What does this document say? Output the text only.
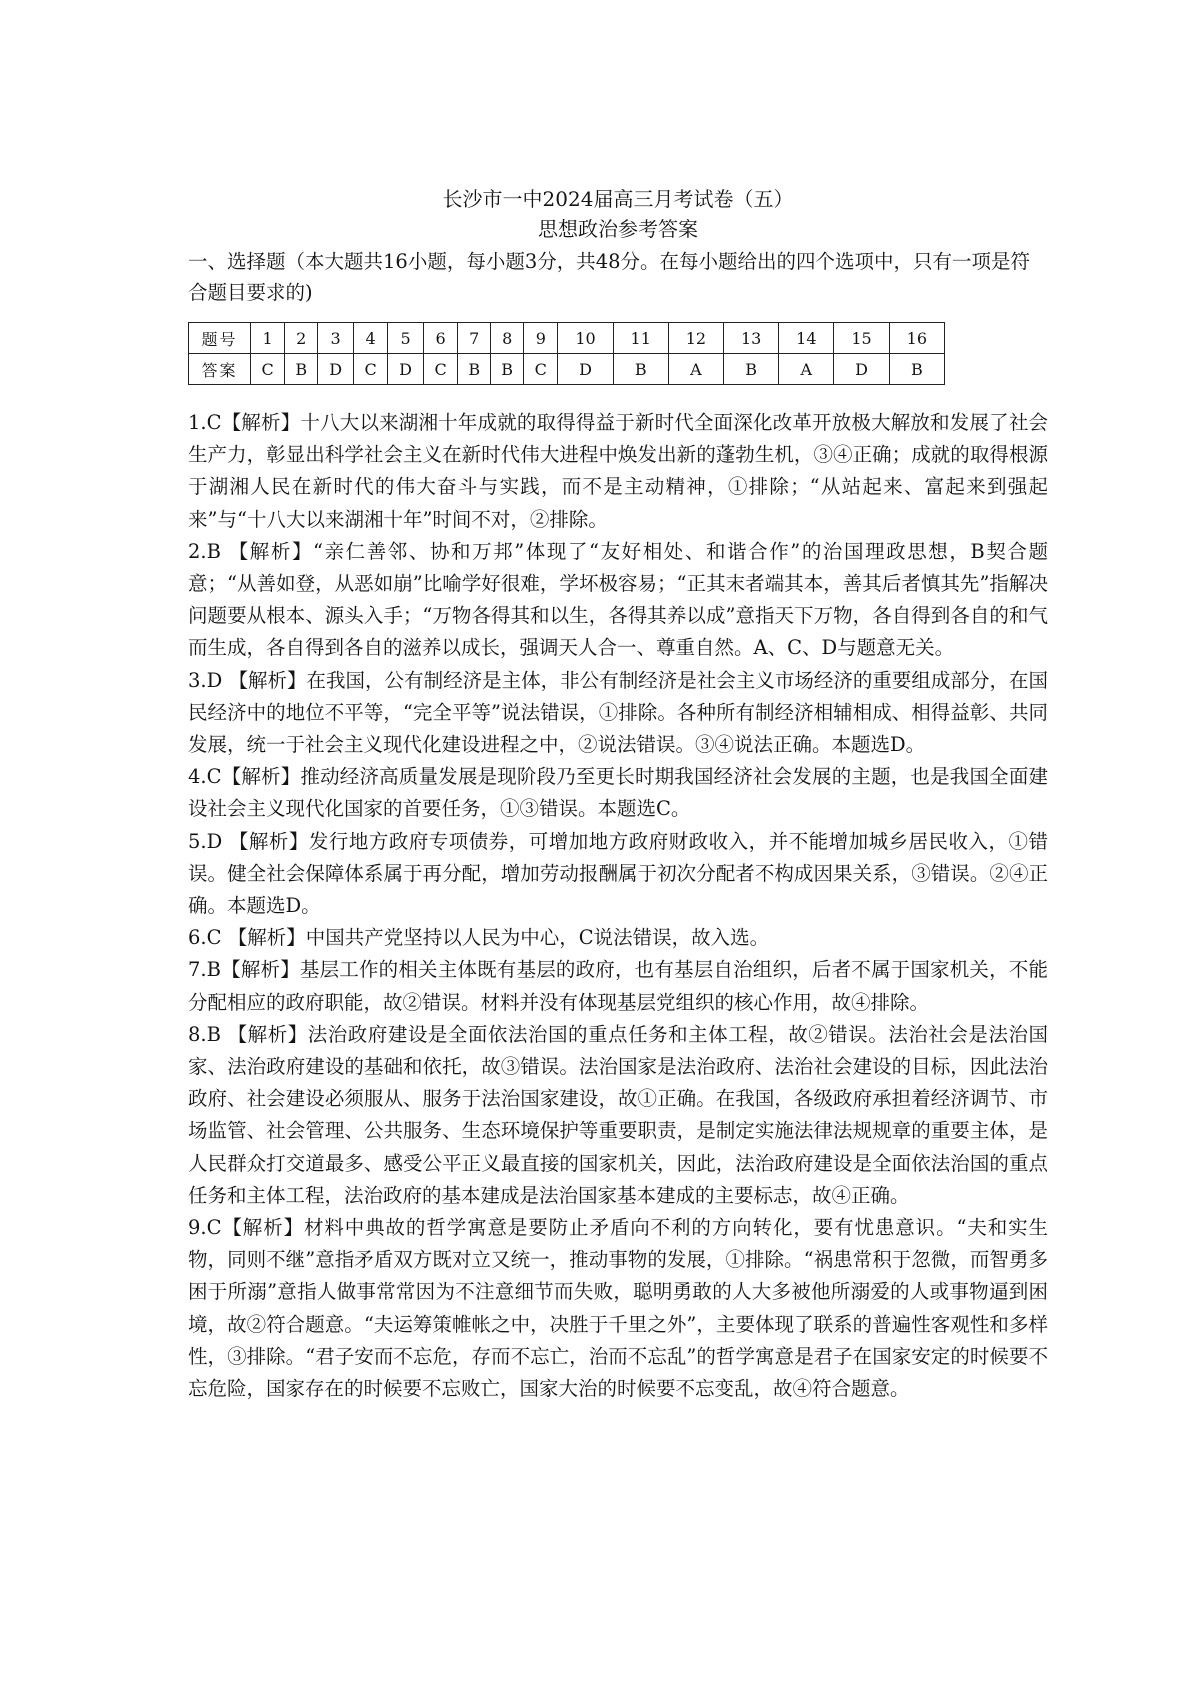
长沙市一中2024届高三月考试卷（五）
思想政治参考答案

一、选择题（本大题共16小题，每小题3分，共48分。在每小题给出的四个选项中，只有一项是符合题目要求的)

题号	1	2	3	4	5	6	7	8	9	10	11	12	13	14	15	16
答案	C	B	D	C	D	C	B	B	C	D	B	A	B	A	D	B

1.C【解析】十八大以来湖湘十年成就的取得得益于新时代全面深化改革开放极大解放和发展了社会生产力，彰显出科学社会主义在新时代伟大进程中焕发出新的蓬勃生机，③④正确；成就的取得根源于湖湘人民在新时代的伟大奋斗与实践，而不是主动精神，①排除；“从站起来、富起来到强起来”与“十八大以来湖湘十年”时间不对，②排除。

2.B 【解析】“亲仁善邻、协和万邦”体现了“友好相处、和谐合作”的治国理政思想，B契合题意；“从善如登，从恶如崩”比喻学好很难，学坏极容易；“正其末者端其本，善其后者慎其先”指解决问题要从根本、源头入手；“万物各得其和以生，各得其养以成”意指天下万物，各自得到各自的和气而生成，各自得到各自的滋养以成长，强调天人合一、尊重自然。A、C、D与题意无关。

3.D 【解析】在我国，公有制经济是主体，非公有制经济是社会主义市场经济的重要组成部分，在国民经济中的地位不平等，“完全平等”说法错误，①排除。各种所有制经济相辅相成、相得益彰、共同发展，统一于社会主义现代化建设进程之中，②说法错误。③④说法正确。本题选D。

4.C【解析】推动经济高质量发展是现阶段乃至更长时期我国经济社会发展的主题，也是我国全面建设社会主义现代化国家的首要任务，①③错误。本题选C。

5.D 【解析】发行地方政府专项债券，可增加地方政府财政收入，并不能增加城乡居民收入，①错误。健全社会保障体系属于再分配，增加劳动报酬属于初次分配者不构成因果关系，③错误。②④正确。本题选D。

6.C 【解析】中国共产党坚持以人民为中心，C说法错误，故入选。

7.B【解析】基层工作的相关主体既有基层的政府，也有基层自治组织，后者不属于国家机关，不能分配相应的政府职能，故②错误。材料并没有体现基层党组织的核心作用，故④排除。

8.B 【解析】法治政府建设是全面依法治国的重点任务和主体工程，故②错误。法治社会是法治国家、法治政府建设的基础和依托，故③错误。法治国家是法治政府、法治社会建设的目标，因此法治政府、社会建设必须服从、服务于法治国家建设，故①正确。在我国，各级政府承担着经济调节、市场监管、社会管理、公共服务、生态环境保护等重要职责，是制定实施法律法规规章的重要主体，是人民群众打交道最多、感受公平正义最直接的国家机关，因此，法治政府建设是全面依法治国的重点任务和主体工程，法治政府的基本建成是法治国家基本建成的主要标志，故④正确。

9.C【解析】材料中典故的哲学寓意是要防止矛盾向不利的方向转化，要有忧患意识。“夫和实生物，同则不继”意指矛盾双方既对立又统一，推动事物的发展，①排除。“祸患常积于忽微，而智勇多困于所溺”意指人做事常常因为不注意细节而失败，聪明勇敢的人大多被他所溺爱的人或事物逼到困境，故②符合题意。“夫运筹策帷帐之中，决胜于千里之外”，主要体现了联系的普遍性客观性和多样性，③排除。“君子安而不忘危，存而不忘亡，治而不忘乱”的哲学寓意是君子在国家安定的时候要不忘危险，国家存在的时候要不忘败亡，国家大治的时候要不忘变乱，故④符合题意。
